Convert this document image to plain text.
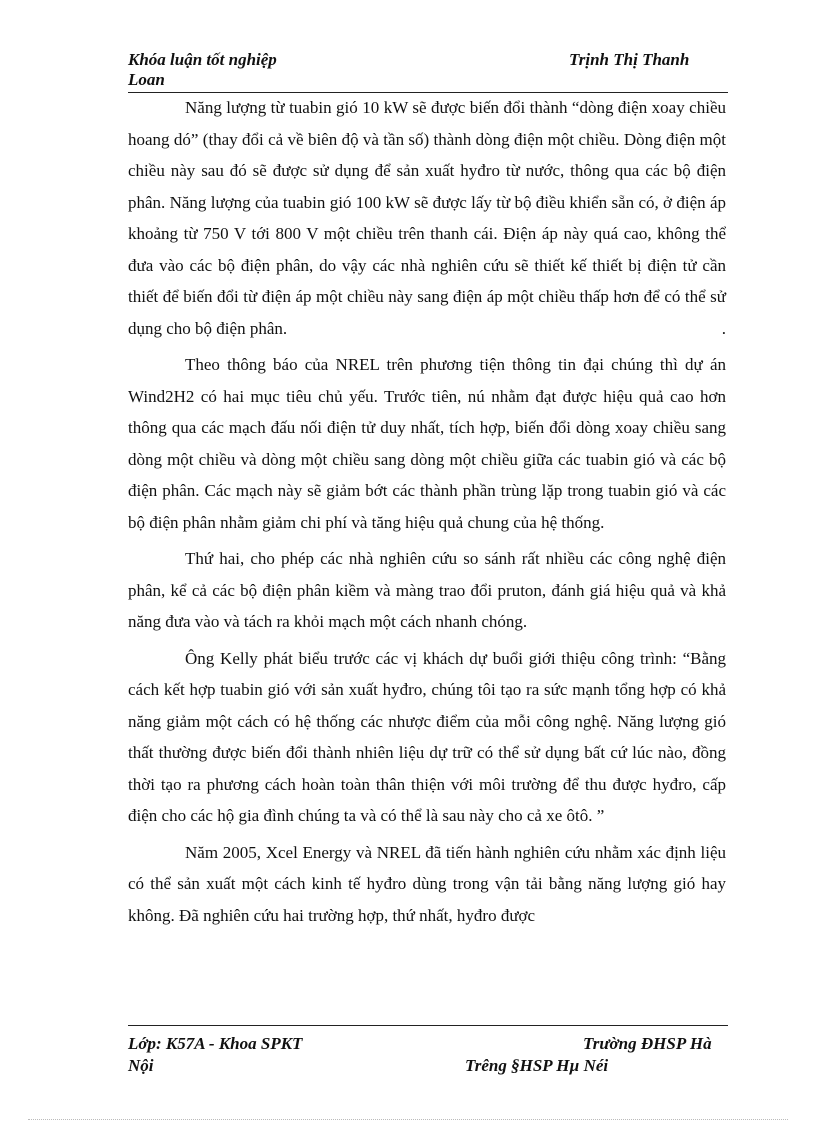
Khóa luận tốt nghiệp	Trịnh Thị Thanh
Loan

Năng lượng từ tuabin gió 10 kW sẽ được biến đổi thành “dòng điện xoay chiều hoang dó” (thay đổi cả về biên độ và tần số) thành dòng điện một chiều. Dòng điện một chiều này sau đó sẽ được sử dụng để sản xuất hyđro từ nước, thông qua các bộ điện phân. Năng lượng của tuabin gió 100 kW sẽ được lấy từ bộ điều khiển sẵn có, ở điện áp khoảng từ 750 V tới 800 V một chiều trên thanh cái. Điện áp này quá cao, không thể đưa vào các bộ điện phân, do vậy các nhà nghiên cứu sẽ thiết kế thiết bị điện tử cần thiết để biến đổi từ điện áp một chiều này sang điện áp một chiều thấp hơn để có thể sử dụng cho bộ điện phân.	.

Theo thông báo của NREL trên phương tiện thông tin đại chúng thì dự án Wind2H2 có hai mục tiêu chủ yếu. Trước tiên, nú nhằm đạt được hiệu quả cao hơn thông qua các mạch đấu nối điện tử duy nhất, tích hợp, biến đổi dòng xoay chiều sang dòng một chiều và dòng một chiều sang dòng một chiều giữa các tuabin gió và các bộ điện phân. Các mạch này sẽ giảm bớt các thành phần trùng lặp trong tuabin gió và các bộ điện phân nhằm giảm chi phí và tăng hiệu quả chung của hệ thống.

Thứ hai, cho phép các nhà nghiên cứu so sánh rất nhiều các công nghệ điện phân, kể cả các bộ điện phân kiềm và màng trao đổi pruton, đánh giá hiệu quả và khả năng đưa vào và tách ra khỏi mạch một cách nhanh chóng.

Ông Kelly phát biểu trước các vị khách dự buổi giới thiệu công trình: “Bằng cách kết hợp tuabin gió với sản xuất hyđro, chúng tôi tạo ra sức mạnh tổng hợp có khả năng giảm một cách có hệ thống các nhược điểm của mỗi công nghệ. Năng lượng gió thất thường được biến đổi thành nhiên liệu dự trữ có thể sử dụng bất cứ lúc nào, đồng thời tạo ra phương cách hoàn toàn thân thiện với môi trường để thu được hyđro, cấp điện cho các hộ gia đình chúng ta và có thể là sau này cho cả xe ôtô. ”

Năm 2005, Xcel Energy và NREL đã tiến hành nghiên cứu nhằm xác định liệu có thể sản xuất một cách kinh tế hyđro dùng trong vận tải bằng năng lượng gió hay không. Đã nghiên cứu hai trường hợp, thứ nhất, hyđro được

Lớp: K57A - Khoa SPKT	Trường ĐHSP Hà
Nội	Trêng §HSP Hµ Néi
